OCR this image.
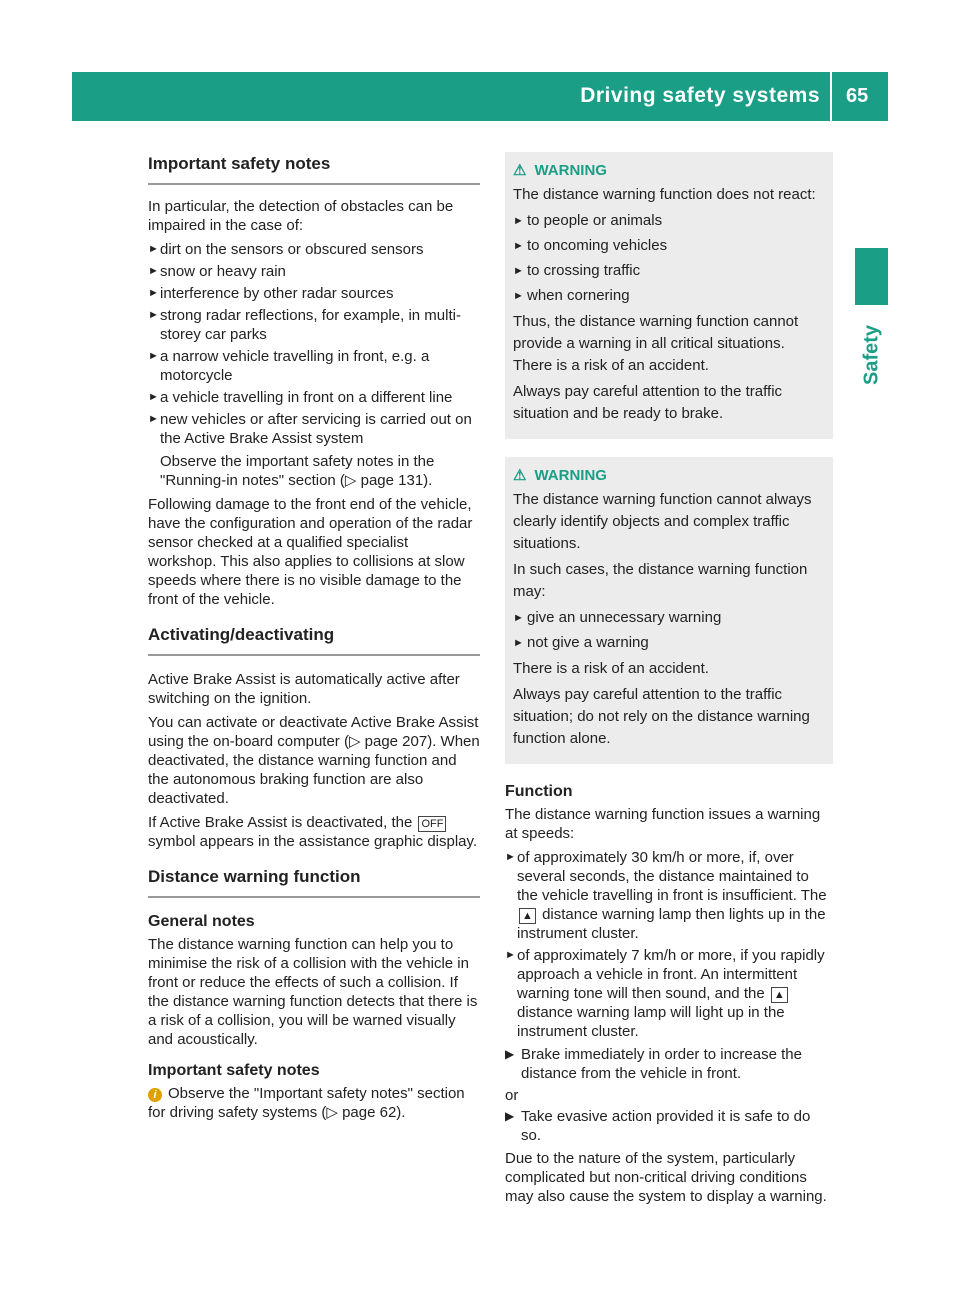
Driving safety systems 65
Safety
Important safety notes

In particular, the detection of obstacles can be impaired in the case of:

► dirt on the sensors or obscured sensors
► snow or heavy rain
► interference by other radar sources
► strong radar reflections, for example, in multi-storey car parks
► a narrow vehicle travelling in front, e.g. a motorcycle
► a vehicle travelling in front on a different line
► new vehicles or after servicing is carried out on the Active Brake Assist system

Observe the important safety notes in the "Running-in notes" section (▷ page 131).

Following damage to the front end of the vehicle, have the configuration and operation of the radar sensor checked at a qualified specialist workshop. This also applies to collisions at slow speeds where there is no visible damage to the front of the vehicle.

Activating/deactivating

Active Brake Assist is automatically active after switching on the ignition.

You can activate or deactivate Active Brake Assist using the on-board computer (▷ page 207). When deactivated, the distance warning function and the autonomous braking function are also deactivated.

If Active Brake Assist is deactivated, the OFF symbol appears in the assistance graphic display.

Distance warning function
General notes

The distance warning function can help you to minimise the risk of a collision with the vehicle in front or reduce the effects of such a collision. If the distance warning function detects that there is a risk of a collision, you will be warned visually and acoustically.

Important safety notes

i Observe the "Important safety notes" section for driving safety systems (▷ page 62).

⚠ WARNING

The distance warning function does not react:

► to people or animals
► to oncoming vehicles
► to crossing traffic
► when cornering

Thus, the distance warning function cannot provide a warning in all critical situations. There is a risk of an accident.

Always pay careful attention to the traffic situation and be ready to brake.

⚠ WARNING

The distance warning function cannot always clearly identify objects and complex traffic situations.

In such cases, the distance warning function may:

► give an unnecessary warning
► not give a warning

There is a risk of an accident.

Always pay careful attention to the traffic situation; do not rely on the distance warning function alone.

Function

The distance warning function issues a warning at speeds:

► of approximately 30 km/h or more, if, over several seconds, the distance maintained to the vehicle travelling in front is insufficient. The ▲ distance warning lamp then lights up in the instrument cluster.
► of approximately 7 km/h or more, if you rapidly approach a vehicle in front. An intermittent warning tone will then sound, and the ▲ distance warning lamp will light up in the instrument cluster.
▶ Brake immediately in order to increase the distance from the vehicle in front.

or

▶ Take evasive action provided it is safe to do so.

Due to the nature of the system, particularly complicated but non-critical driving conditions may also cause the system to display a warning.
